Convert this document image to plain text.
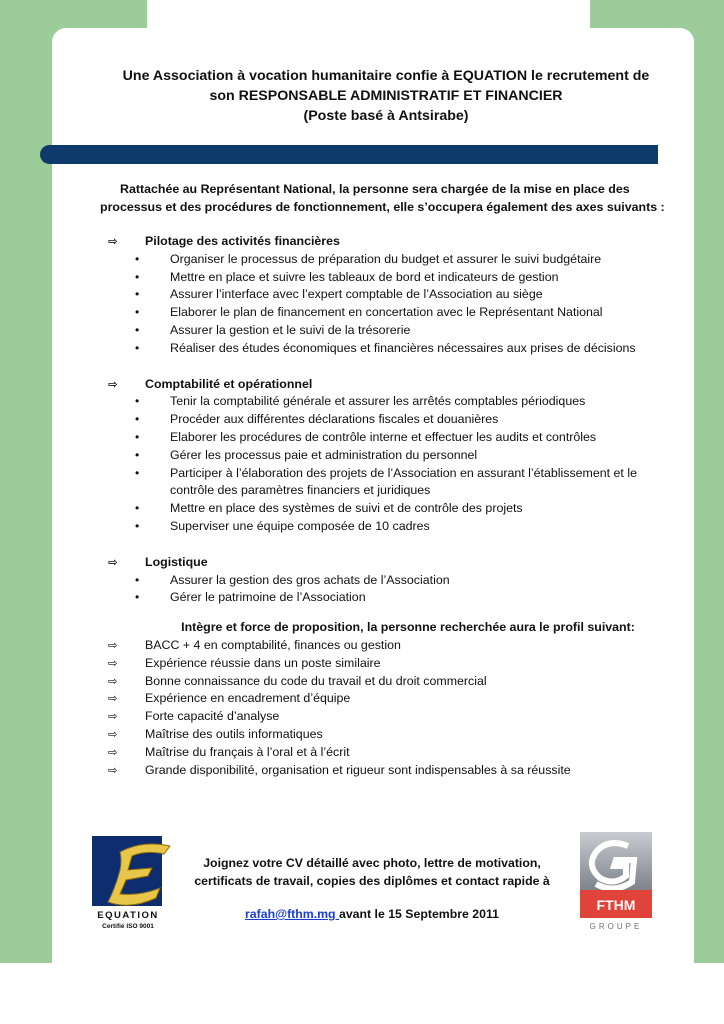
Une Association à vocation humanitaire confie à EQUATION le recrutement de
son RESPONSABLE ADMINISTRATIF ET FINANCIER
(Poste basé à Antsirabe)
Rattachée au Représentant National, la personne sera chargée de la mise en place des
processus et des procédures de fonctionnement, elle s’occupera également des axes suivants :
⇨ Pilotage des activités financières
• Organiser le processus de préparation du budget et assurer le suivi budgétaire
• Mettre en place et suivre les tableaux de bord et indicateurs de gestion
• Assurer l’interface avec l’expert comptable de l’Association au siège
• Elaborer le plan de financement en concertation avec le Représentant National
• Assurer la gestion et le suivi de la trésorerie
• Réaliser des études économiques et financières nécessaires aux prises de décisions
⇨ Comptabilité et opérationnel
• Tenir la comptabilité générale et assurer les arrêtés comptables périodiques
• Procéder aux différentes déclarations fiscales et douanières
• Elaborer les procédures de contrôle interne et effectuer les audits et contrôles
• Gérer les processus paie et administration du personnel
• Participer à l’élaboration des projets de l’Association en assurant l’établissement et le contrôle des paramètres financiers et juridiques
• Mettre en place des systèmes de suivi et de contrôle des projets
• Superviser une équipe composée de 10 cadres
⇨ Logistique
• Assurer la gestion des gros achats de l’Association
• Gérer le patrimoine de l’Association
Intègre et force de proposition, la personne recherchée aura le profil suivant:
⇨ BACC + 4 en comptabilité, finances ou gestion
⇨ Expérience réussie dans un poste similaire
⇨ Bonne connaissance du code du travail et du droit commercial
⇨ Expérience en encadrement d’équipe
⇨ Forte capacité d’analyse
⇨ Maîtrise des outils informatiques
⇨ Maîtrise du français à l’oral et à l’écrit
⇨ Grande disponibilité, organisation et rigueur sont indispensables à sa réussite
EQUATION
Certifié ISO 9001
FTHM
GROUPE
Joignez votre CV détaillé avec photo, lettre de motivation,
certificats de travail, copies des diplômes et contact rapide à
rafah@fthm.mg avant le 15 Septembre 2011
